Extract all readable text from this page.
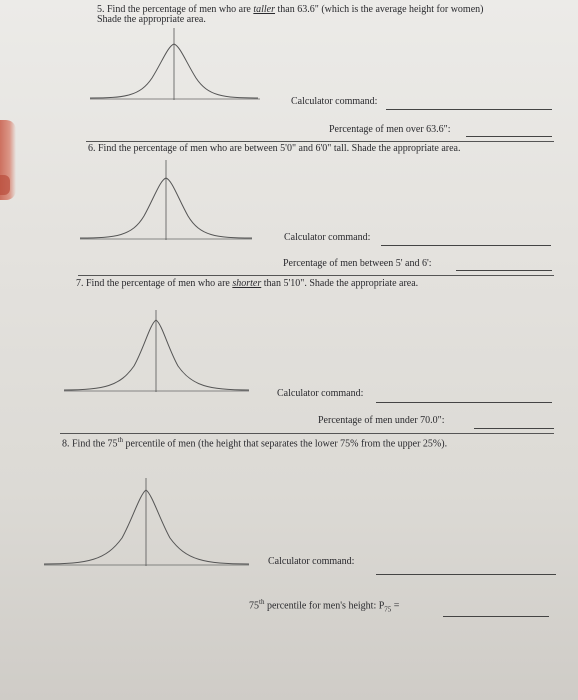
5. Find the percentage of men who are taller than 63.6" (which is the average height for women)
Shade the appropriate area.
Calculator command:
Percentage of men over 63.6":
6. Find the percentage of men who are between 5'0" and 6'0" tall. Shade the appropriate area.
Calculator command:
Percentage of men between 5' and 6':
7. Find the percentage of men who are shorter than 5'10". Shade the appropriate area.
Calculator command:
Percentage of men under 70.0":
8. Find the 75th percentile of men (the height that separates the lower 75% from the upper 25%).
Calculator command:
75th percentile for men's height: $P_{75}$ =
